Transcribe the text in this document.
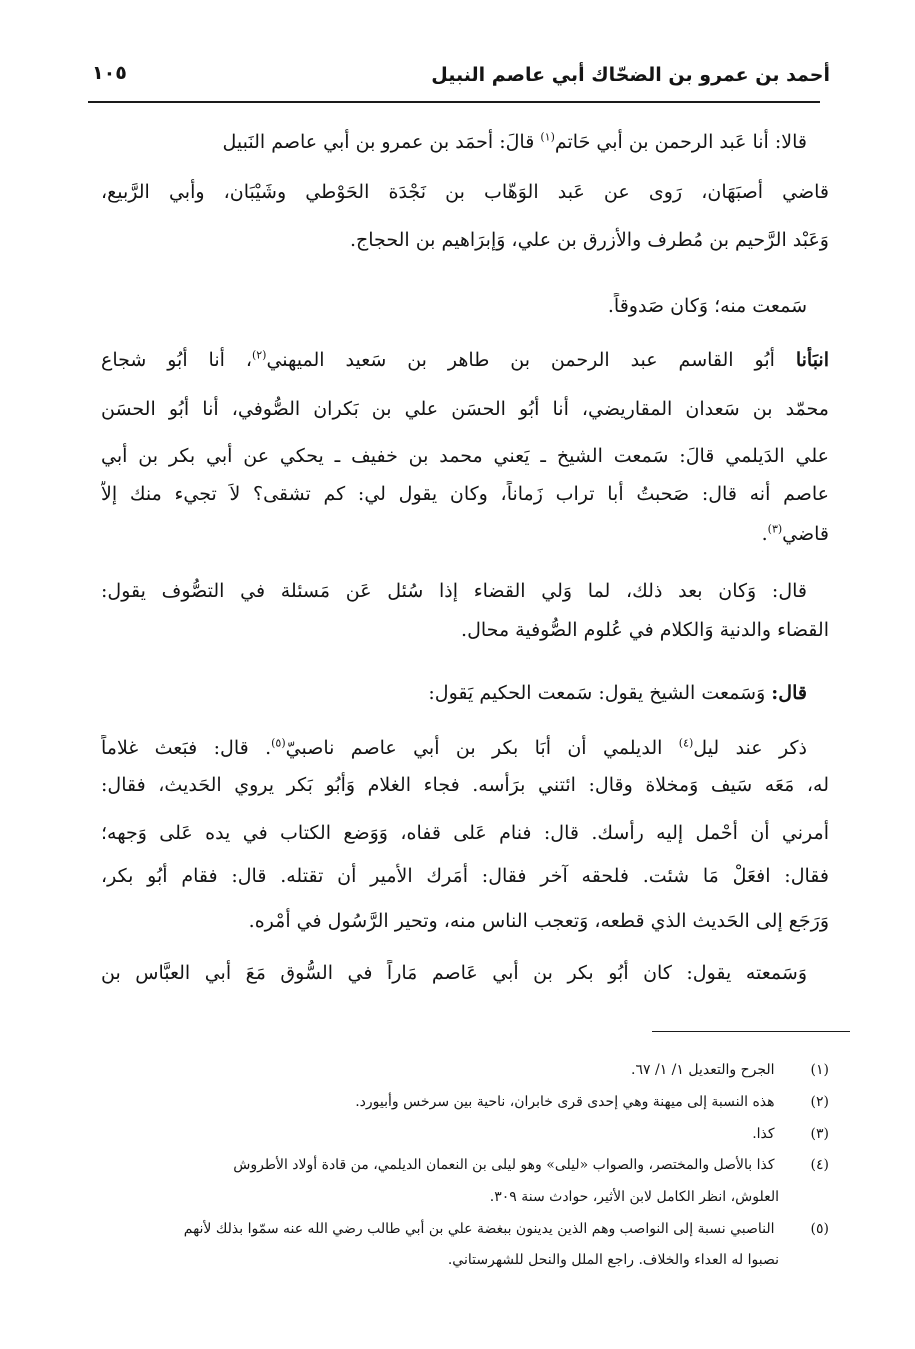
أحمد بن عمرو بن الضحّاك أبي عاصم النبيل
١٠٥
قالا: أنا عَبد الرحمن بن أبي حَاتم$^{(١)}$ قالَ: أحمَد بن عمرو بن أبي عاصم النَبيل
قاضي أصبَهَان، رَوى عن عَبد الوَهّاب بن نَجْدَة الحَوْطي وشَيْبَان، وأبي الرَّبيع،
وَعَبْد الرَّحيم بن مُطرف والأزرق بن علي، وَإبرَاهيم بن الحجاج.
سَمعت منه؛ وَكان صَدوقاً.
انبَأنا أبُو القاسم عبد الرحمن بن طاهر بن سَعيد الميهني$^{(٢)}$، أنا أبُو شجاع
محمّد بن سَعدان المقاريضي، أنا أبُو الحسَن علي بن بَكران الصُّوفي، أنا أبُو الحسَن
علي الدَيلمي قالَ: سَمعت الشيخ ـ يَعني محمد بن خفيف ـ يحكي عن أبي بكر بن أبي
عاصم أنه قال: صَحبتُ أبا تراب زَماناً، وكان يقول لي: كم تشقى؟ لاَ تجيء منك إلاّ
قاضي$^{(٣)}$.
قال: وَكان بعد ذلك، لما وَلي القضاء إذا سُئل عَن مَسئلة في التصُّوف يقول:
القضاء والدنية وَالكلام في عُلوم الصُّوفية محال.
قال: وَسَمعت الشيخ يقول: سَمعت الحكيم يَقول:
ذكر عند ليل$^{(٤)}$ الديلمي أن أبَا بكر بن أبي عاصم ناصبيّ$^{(٥)}$. قال: فبَعث غلاماً
له، مَعَه سَيف وَمخلاة وقال: ائتني برَأسه. فجاء الغلام وَأبُو بَكر يروي الحَديث، فقال:
أمرني أن أحْمل إليه رأسك. قال: فنام عَلى قفاه، وَوَضع الكتاب في يده عَلى وَجهه؛
فقال: افعَلْ مَا شئت. فلحقه آخر فقال: أمَرك الأمير أن تقتله. قال: فقام أبُو بكر،
وَرَجَع إلى الحَديث الذي قطعه، وَتعجب الناس منه، وتحير الرَّسُول في أمْره.
وَسَمعته يقول: كان أبُو بكر بن أبي عَاصم مَاراً في السُّوق مَعَ أبي العبَّاس بن
(١) الجرح والتعديل ١/ ١/ ٦٧.
(٢) هذه النسبة إلى ميهنة وهي إحدى قرى خابران، ناحية بين سرخس وأبيورد.
(٣) كذا.
(٤) كذا بالأصل والمختصر، والصواب «ليلى» وهو ليلى بن النعمان الديلمي، من قادة أولاد الأطروش
العلوش، انظر الكامل لابن الأثير، حوادث سنة ٣٠٩.
(٥) الناصبي نسبة إلى النواصب وهم الذين يدينون ببغضة علي بن أبي طالب رضي الله عنه سمّوا بذلك لأنهم
نصبوا له العداء والخلاف. راجع الملل والنحل للشهرستاني.
